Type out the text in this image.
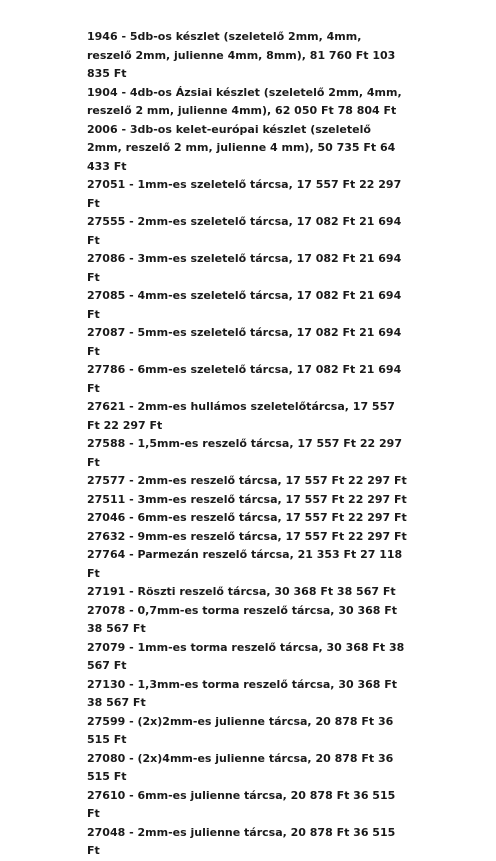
1946 - 5db-os készlet (szeletelő 2mm, 4mm, reszelő 2mm, julienne 4mm, 8mm), 81 760 Ft 103 835 Ft

1904 - 4db-os Ázsiai készlet (szeletelő 2mm, 4mm, reszelő 2 mm, julienne 4mm), 62 050 Ft 78 804 Ft

2006 - 3db-os kelet-európai készlet (szeletelő 2mm, reszelő 2 mm, julienne 4 mm), 50 735 Ft 64 433 Ft

27051 - 1mm-es szeletelő tárcsa, 17 557 Ft 22 297 Ft

27555 - 2mm-es szeletelő tárcsa, 17 082 Ft 21 694 Ft

27086 - 3mm-es szeletelő tárcsa, 17 082 Ft 21 694 Ft

27085 - 4mm-es szeletelő tárcsa, 17 082 Ft 21 694 Ft

27087 - 5mm-es szeletelő tárcsa, 17 082 Ft 21 694 Ft

27786 - 6mm-es szeletelő tárcsa, 17 082 Ft 21 694 Ft

27621 - 2mm-es hullámos szeletelőtárcsa, 17 557 Ft 22 297 Ft

27588 - 1,5mm-es reszelő tárcsa, 17 557 Ft 22 297 Ft

27577 - 2mm-es reszelő tárcsa, 17 557 Ft 22 297 Ft

27511 - 3mm-es reszelő tárcsa, 17 557 Ft 22 297 Ft

27046 - 6mm-es reszelő tárcsa, 17 557 Ft 22 297 Ft

27632 - 9mm-es reszelő tárcsa, 17 557 Ft 22 297 Ft

27764 - Parmezán reszelő tárcsa, 21 353 Ft 27 118 Ft

27191 - Röszti reszelő tárcsa, 30 368 Ft 38 567 Ft

27078 - 0,7mm-es torma reszelő tárcsa, 30 368 Ft 38 567 Ft

27079 - 1mm-es torma reszelő tárcsa, 30 368 Ft 38 567 Ft

27130 - 1,3mm-es torma reszelő tárcsa, 30 368 Ft 38 567 Ft

27599 - (2x)2mm-es julienne tárcsa, 20 878 Ft 36 515 Ft

27080 - (2x)4mm-es julienne tárcsa, 20 878 Ft 36 515 Ft

27610 - 6mm-es julienne tárcsa, 20 878 Ft 36 515 Ft

27048 - 2mm-es julienne tárcsa, 20 878 Ft 36 515 Ft
